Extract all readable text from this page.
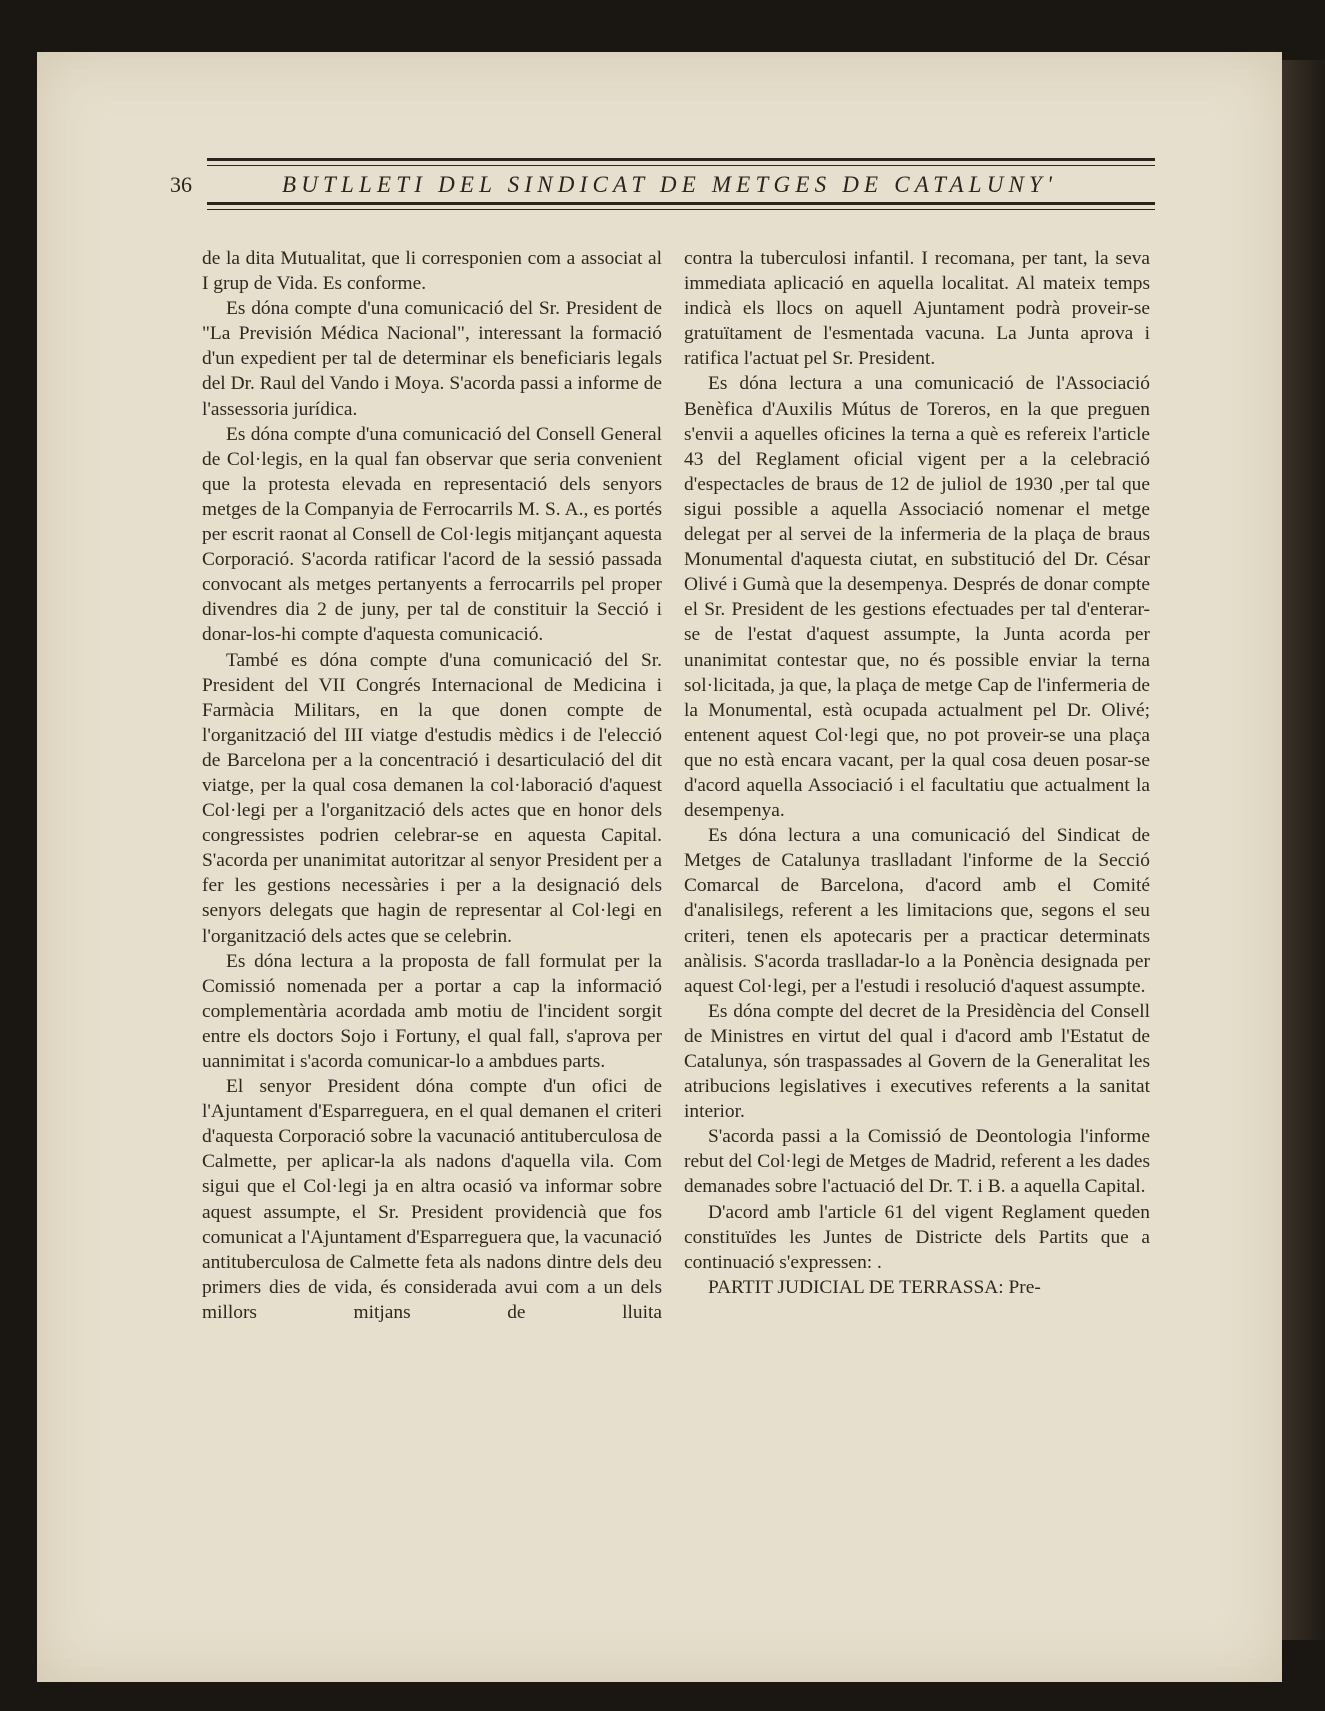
36	BUTLLETI DEL SINDICAT DE METGES DE CATALUNY'

de la dita Mutualitat, que li corresponien com a associat al I grup de Vida. Es conforme.

Es dóna compte d'una comunicació del Sr. President de "La Previsión Médica Nacional", interessant la formació d'un expedient per tal de determinar els beneficiaris legals del Dr. Raul del Vando i Moya. S'acorda passi a informe de l'assessoria jurídica.

Es dóna compte d'una comunicació del Consell General de Col·legis, en la qual fan observar que seria convenient que la protesta elevada en representació dels senyors metges de la Companyia de Ferrocarrils M. S. A., es portés per escrit raonat al Consell de Col·legis mitjançant aquesta Corporació. S'acorda ratificar l'acord de la sessió passada convocant als metges pertanyents a ferrocarrils pel proper divendres dia 2 de juny, per tal de constituir la Secció i donar-los-hi compte d'aquesta comunicació.

També es dóna compte d'una comunicació del Sr. President del VII Congrés Internacional de Medicina i Farmàcia Militars, en la que donen compte de l'organització del III viatge d'estudis mèdics i de l'elecció de Barcelona per a la concentració i desarticulació del dit viatge, per la qual cosa demanen la col·laboració d'aquest Col·legi per a l'organització dels actes que en honor dels congressistes podrien celebrar-se en aquesta Capital. S'acorda per unanimitat autoritzar al senyor President per a fer les gestions necessàries i per a la designació dels senyors delegats que hagin de representar al Col·legi en l'organització dels actes que se celebrin.

Es dóna lectura a la proposta de fall formulat per la Comissió nomenada per a portar a cap la informació complementària acordada amb motiu de l'incident sorgit entre els doctors Sojo i Fortuny, el qual fall, s'aprova per uannimitat i s'acorda comunicar-lo a ambdues parts.

El senyor President dóna compte d'un ofici de l'Ajuntament d'Esparreguera, en el qual demanen el criteri d'aquesta Corporació sobre la vacunació antituberculosa de Calmette, per aplicar-la als nadons d'aquella vila. Com sigui que el Col·legi ja en altra ocasió va informar sobre aquest assumpte, el Sr. President providencià que fos comunicat a l'Ajuntament d'Esparreguera que, la vacunació antituberculosa de Calmette feta als nadons dintre dels deu primers dies de vida, és considerada avui com a un dels millors mitjans de lluita

contra la tuberculosi infantil. I recomana, per tant, la seva immediata aplicació en aquella localitat. Al mateix temps indicà els llocs on aquell Ajuntament podrà proveir-se gratuïtament de l'esmentada vacuna. La Junta aprova i ratifica l'actuat pel Sr. President.

Es dóna lectura a una comunicació de l'Associació Benèfica d'Auxilis Mútus de Toreros, en la que preguen s'envii a aquelles oficines la terna a què es refereix l'article 43 del Reglament oficial vigent per a la celebració d'espectacles de braus de 12 de juliol de 1930 ,per tal que sigui possible a aquella Associació nomenar el metge delegat per al servei de la infermeria de la plaça de braus Monumental d'aquesta ciutat, en substitució del Dr. César Olivé i Gumà que la desempenya. Després de donar compte el Sr. President de les gestions efectuades per tal d'enterar-se de l'estat d'aquest assumpte, la Junta acorda per unanimitat contestar que, no és possible enviar la terna sol·licitada, ja que, la plaça de metge Cap de l'infermeria de la Monumental, està ocupada actualment pel Dr. Olivé; entenent aquest Col·legi que, no pot proveir-se una plaça que no està encara vacant, per la qual cosa deuen posar-se d'acord aquella Associació i el facultatiu que actualment la desempenya.

Es dóna lectura a una comunicació del Sindicat de Metges de Catalunya traslladant l'informe de la Secció Comarcal de Barcelona, d'acord amb el Comité d'analisilegs, referent a les limitacions que, segons el seu criteri, tenen els apotecaris per a practicar determinats anàlisis. S'acorda traslladar-lo a la Ponència designada per aquest Col·legi, per a l'estudi i resolució d'aquest assumpte.

Es dóna compte del decret de la Presidència del Consell de Ministres en virtut del qual i d'acord amb l'Estatut de Catalunya, són traspassades al Govern de la Generalitat les atribucions legislatives i executives referents a la sanitat interior.

S'acorda passi a la Comissió de Deontologia l'informe rebut del Col·legi de Metges de Madrid, referent a les dades demanades sobre l'actuació del Dr. T. i B. a aquella Capital.

D'acord amb l'article 61 del vigent Reglament queden constituïdes les Juntes de Districte dels Partits que a continuació s'expressen: .

PARTIT JUDICIAL DE TERRASSA: Pre-
